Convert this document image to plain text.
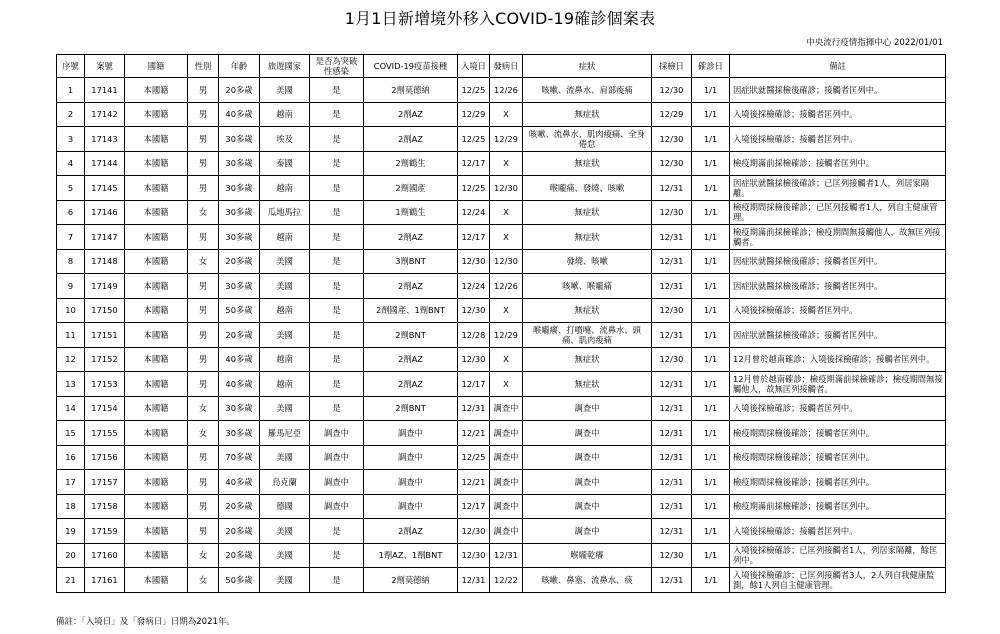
1月1日新增境外移入COVID-19確診個案表
中央流行疫情指揮中心 2022/01/01
序號	案號	國籍	性別	年齡	旅遊國家	是否為突破性感染	COVID-19疫苗接種	入境日	發病日	症狀	採檢日	確診日	備註
1	17141	本國籍	男	20多歲	美國	是	2劑莫德納	12/25	12/26	咳嗽、流鼻水、肩部痠痛	12/30	1/1	因症狀就醫採檢後確診；接觸者匡列中。
2	17142	本國籍	男	40多歲	越南	是	2劑AZ	12/29	X	無症狀	12/29	1/1	入境後採檢確診；接觸者匡列中。
3	17143	本國籍	男	30多歲	埃及	是	2劑AZ	12/25	12/29	咳嗽、流鼻水、肌肉痠痛、全身倦怠	12/30	1/1	入境後採檢確診；接觸者匡列中。
4	17144	本國籍	男	30多歲	泰國	是	2劑鶴生	12/17	X	無症狀	12/30	1/1	檢疫期滿前採檢確診；接觸者匡列中。
5	17145	本國籍	男	30多歲	越南	是	2劑國產	12/25	12/30	喉嚨痛、發燒、咳嗽	12/31	1/1	因症狀就醫採檢後確診；已匡列接觸者1人，列居家隔離。
6	17146	本國籍	女	30多歲	瓜地馬拉	是	1劑鶴生	12/24	X	無症狀	12/30	1/1	檢疫期間採檢後確診；已匡列接觸者1人，列自主健康管理。
7	17147	本國籍	男	30多歲	越南	是	2劑AZ	12/17	X	無症狀	12/31	1/1	檢疫期滿前採檢確診；檢疫期間無接觸他人，故無匡列接觸者。
8	17148	本國籍	女	20多歲	美國	是	3劑BNT	12/30	12/30	發燒、咳嗽	12/31	1/1	因症狀就醫採檢後確診；接觸者匡列中。
9	17149	本國籍	男	30多歲	美國	是	2劑AZ	12/24	12/26	咳嗽、喉嚨痛	12/31	1/1	因症狀就醫採檢後確診；接觸者匡列中。
10	17150	本國籍	男	50多歲	越南	是	2劑國產、1劑BNT	12/30	X	無症狀	12/30	1/1	入境後採檢確診；接觸者匡列中。
11	17151	本國籍	男	20多歲	美國	是	2劑BNT	12/28	12/29	喉嚨癢、打噴嚏、流鼻水、頭痛、肌肉痠痛	12/31	1/1	因症狀就醫採檢後確診；接觸者匡列中。
12	17152	本國籍	男	40多歲	越南	是	2劑AZ	12/30	X	無症狀	12/30	1/1	12月曾於越南確診；入境後採檢確診；接觸者匡列中。
13	17153	本國籍	男	40多歲	越南	是	2劑AZ	12/17	X	無症狀	12/31	1/1	12月曾於越南確診；檢疫期滿前採檢確診；檢疫期間無接觸他人，故無匡列接觸者。
14	17154	本國籍	女	30多歲	美國	是	2劑BNT	12/31	調查中	調查中	12/31	1/1	入境後採檢確診；接觸者匡列中。
15	17155	本國籍	女	30多歲	羅馬尼亞	調查中	調查中	12/21	調查中	調查中	12/31	1/1	檢疫期間採檢後確診；接觸者匡列中。
16	17156	本國籍	男	70多歲	美國	調查中	調查中	12/25	調查中	調查中	12/31	1/1	檢疫期間採檢後確診；接觸者匡列中。
17	17157	本國籍	男	40多歲	烏克蘭	調查中	調查中	12/21	調查中	調查中	12/31	1/1	檢疫期間採檢後確診；接觸者匡列中。
18	17158	本國籍	男	20多歲	德國	調查中	調查中	12/17	調查中	調查中	12/31	1/1	檢疫期滿前採檢確診；接觸者匡列中。
19	17159	本國籍	男	20多歲	美國	是	2劑AZ	12/30	調查中	調查中	12/31	1/1	入境後採檢確診；接觸者匡列中。
20	17160	本國籍	女	20多歲	美國	是	1劑AZ、1劑BNT	12/30	12/31	喉嚨乾癢	12/30	1/1	入境後採檢確診；已匡列接觸者1人，列居家隔離，餘匡列中。
21	17161	本國籍	女	50多歲	美國	是	2劑莫德納	12/31	12/22	咳嗽、鼻塞、流鼻水、痰	12/31	1/1	入境後採檢確診；已匡列接觸者3人，2人列自我健康監測，餘1人列自主健康管理。
備註：「入境日」及「發病日」日期為2021年。
